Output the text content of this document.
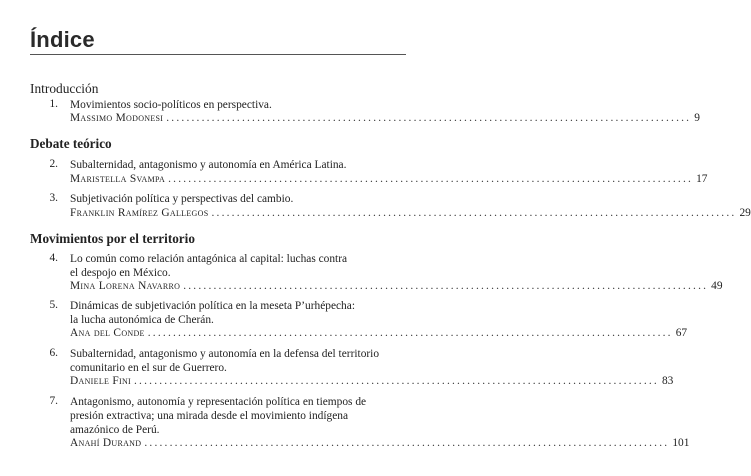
Índice
Introducción
1. Movimientos socio-políticos en perspectiva.
Massimo Modonesi ........................................................................................................ 9
Debate teórico
2. Subalternidad, antagonismo y autonomía en América Latina.
Maristella Svampa ........................................................................................................ 17
3. Subjetivación política y perspectivas del cambio.
Franklin Ramírez Gallegos ........................................................................................................ 29
Movimientos por el territorio
4. Lo común como relación antagónica al capital: luchas contra
el despojo en México.
Mina Lorena Navarro ........................................................................................................ 49
5. Dinámicas de subjetivación política en la meseta P’urhépecha:
la lucha autonómica de Cherán.
Ana del Conde ........................................................................................................ 67
6. Subalternidad, antagonismo y autonomía en la defensa del territorio
comunitario en el sur de Guerrero.
Daniele Fini ........................................................................................................ 83
7. Antagonismo, autonomía y representación política en tiempos de
presión extractiva; una mirada desde el movimiento indígena
amazónico de Perú.
Anahí Durand ........................................................................................................ 101
